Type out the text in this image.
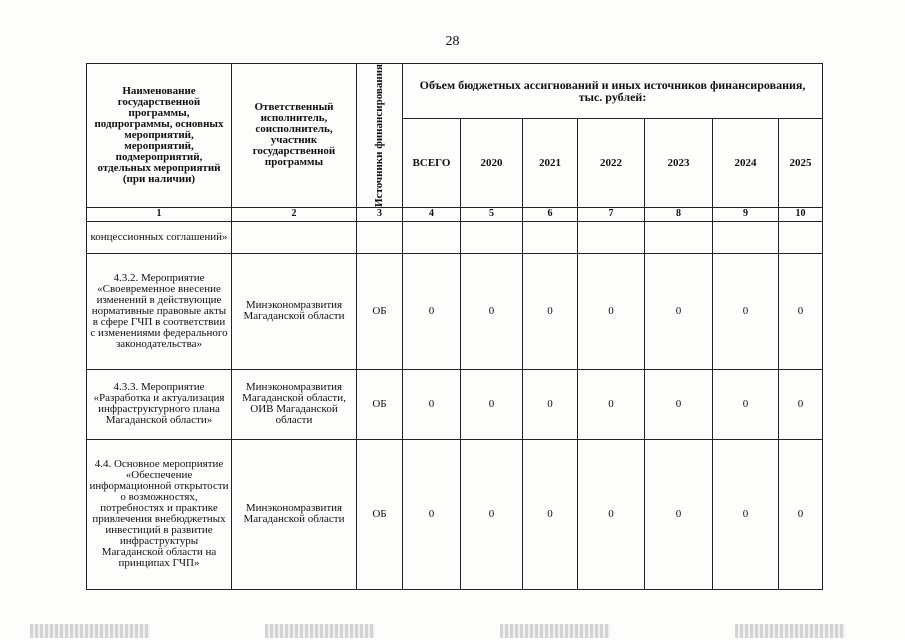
28
Наименование государственной программы, подпрограммы, основных мероприятий, мероприятий, подмероприятий, отдельных мероприятий (при наличии)	Ответственный исполнитель, соисполнитель, участник государственной программы	Источники финансирования	Объем бюджетных ассигнований и иных источников финансирования, тыс. рублей:						
			ВСЕГО	2020	2021	2022	2023	2024	2025
1	2	3	4	5	6	7	8	9	10
концессионных соглашений»									
4.3.2. Мероприятие «Своевременное внесение изменений в действующие нормативные правовые акты в сфере ГЧП в соответствии с изменениями федерального законодательства»	Минэкономразвития Магаданской области	ОБ	0	0	0	0	0	0	0
4.3.3. Мероприятие «Разработка и актуализация инфраструктурного плана Магаданской области»	Минэкономразвития Магаданской области, ОИВ Магаданской области	ОБ	0	0	0	0	0	0	0
4.4. Основное мероприятие «Обеспечение информационной открытости о возможностях, потребностях и практике привлечения внебюджетных инвестиций в развитие инфраструктуры Магаданской области на принципах ГЧП»	Минэкономразвития Магаданской области	ОБ	0	0	0	0	0	0	0
